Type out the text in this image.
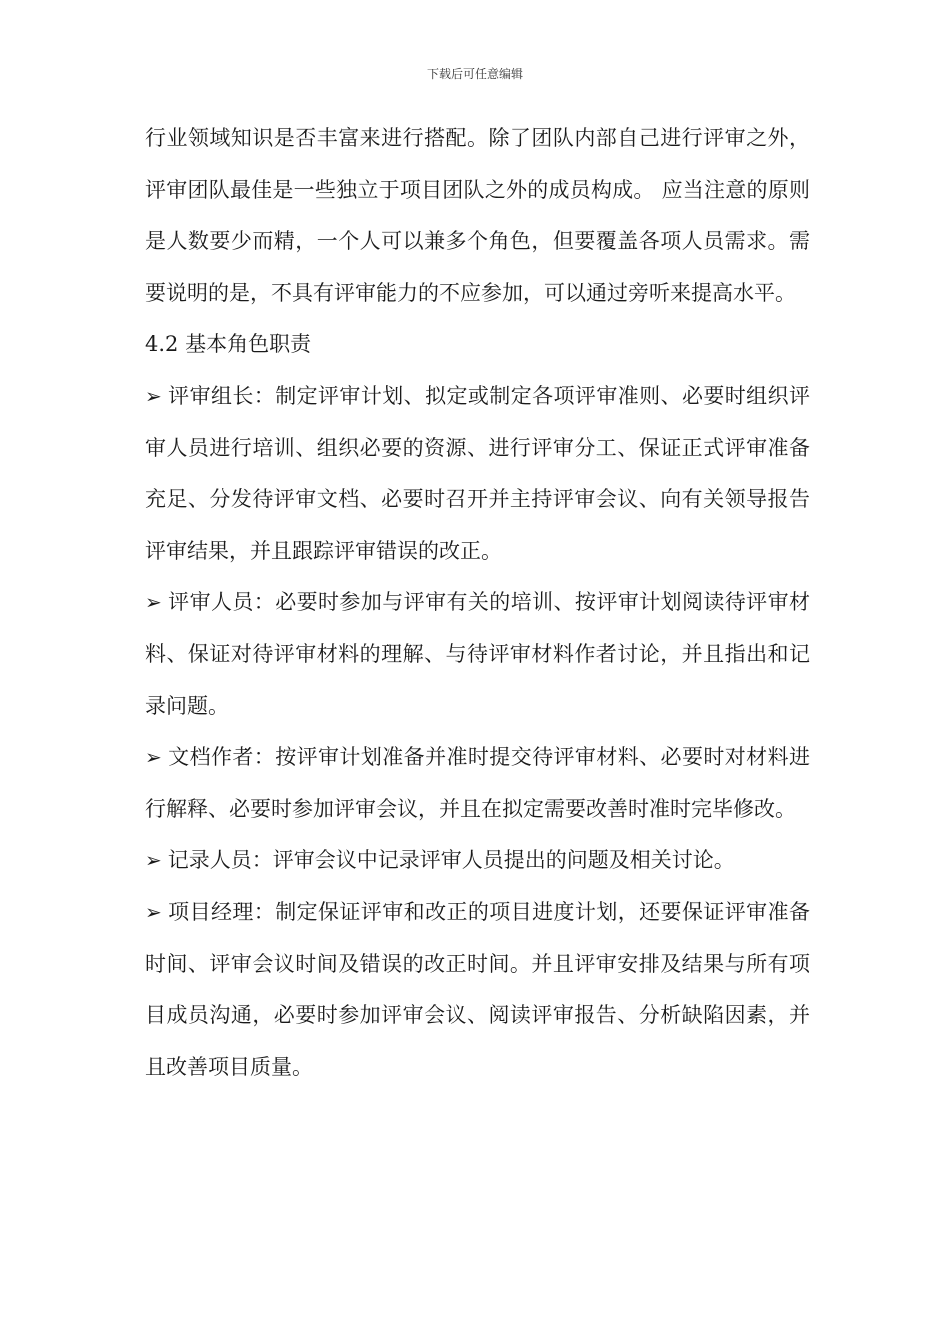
下载后可任意编辑

行业领域知识是否丰富来进行搭配。除了团队内部自己进行评审之外，评审团队最佳是一些独立于项目团队之外的成员构成。 应当注意的原则是人数要少而精，一个人可以兼多个角色，但要覆盖各项人员需求。需要说明的是，不具有评审能力的不应参加，可以通过旁听来提高水平。

4.2 基本角色职责

➢ 评审组长：制定评审计划、拟定或制定各项评审准则、必要时组织评审人员进行培训、组织必要的资源、进行评审分工、保证正式评审准备充足、分发待评审文档、必要时召开并主持评审会议、向有关领导报告评审结果，并且跟踪评审错误的改正。

➢ 评审人员：必要时参加与评审有关的培训、按评审计划阅读待评审材料、保证对待评审材料的理解、与待评审材料作者讨论，并且指出和记录问题。

➢ 文档作者：按评审计划准备并准时提交待评审材料、必要时对材料进行解释、必要时参加评审会议，并且在拟定需要改善时准时完毕修改。

➢ 记录人员：评审会议中记录评审人员提出的问题及相关讨论。

➢ 项目经理：制定保证评审和改正的项目进度计划，还要保证评审准备时间、评审会议时间及错误的改正时间。并且评审安排及结果与所有项目成员沟通，必要时参加评审会议、阅读评审报告、分析缺陷因素，并且改善项目质量。
